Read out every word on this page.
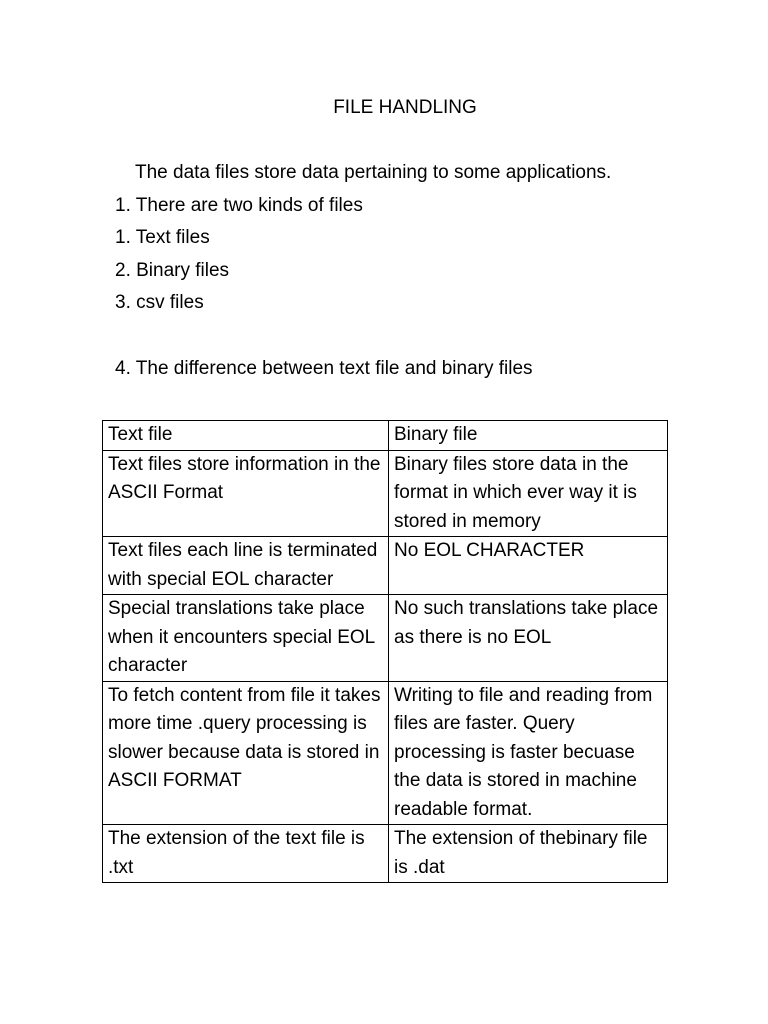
FILE HANDLING
The data files store data pertaining to some applications.
1. There are two kinds of files
1. Text files
2. Binary files
3. csv files
4. The difference between text file and binary files
Text file	Binary file
Text files store information in the ASCII Format	Binary files store data in the format in which ever way it is stored in memory
Text files each line is terminated with special EOL character	No EOL CHARACTER
Special translations take place when it encounters special EOL character	No such translations take place as there is no EOL
To fetch content from file it takes more time .query processing is slower because data is stored in ASCII FORMAT	Writing to file and reading from files are faster. Query processing is faster becuase the data is stored in machine readable format.
The extension of the text file is .txt	The extension of thebinary file is .dat
